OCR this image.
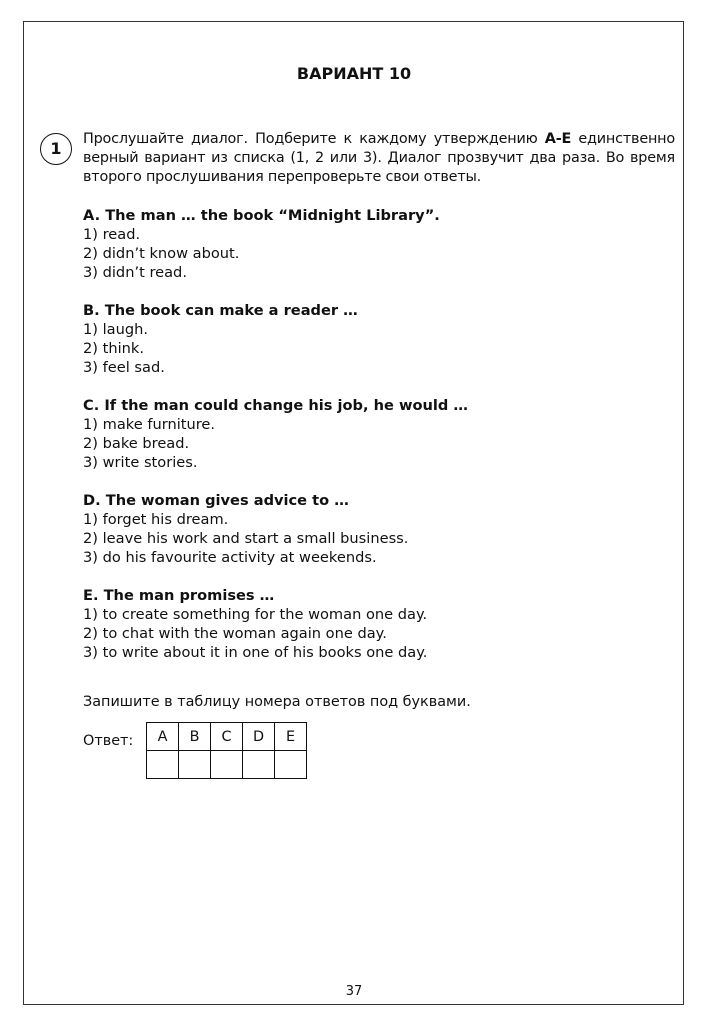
ВАРИАНТ 10
1	Прослушайте диалог. Подберите к каждому утверждению A-E единственно верный вариант из списка (1, 2 или 3). Диалог прозвучит два раза. Во время второго прослушивания перепроверьте свои ответы.
A. The man … the book “Midnight Library”.
1) read.
2) didn’t know about.
3) didn’t read.
B. The book can make a reader …
1) laugh.
2) think.
3) feel sad.
C. If the man could change his job, he would …
1) make furniture.
2) bake bread.
3) write stories.
D. The woman gives advice to …
1) forget his dream.
2) leave his work and start a small business.
3) do his favourite activity at weekends.
E. The man promises …
1) to create something for the woman one day.
2) to chat with the woman again one day.
3) to write about it in one of his books one day.
Запишите в таблицу номера ответов под буквами.
Ответ: A	B	C	D	E

37
